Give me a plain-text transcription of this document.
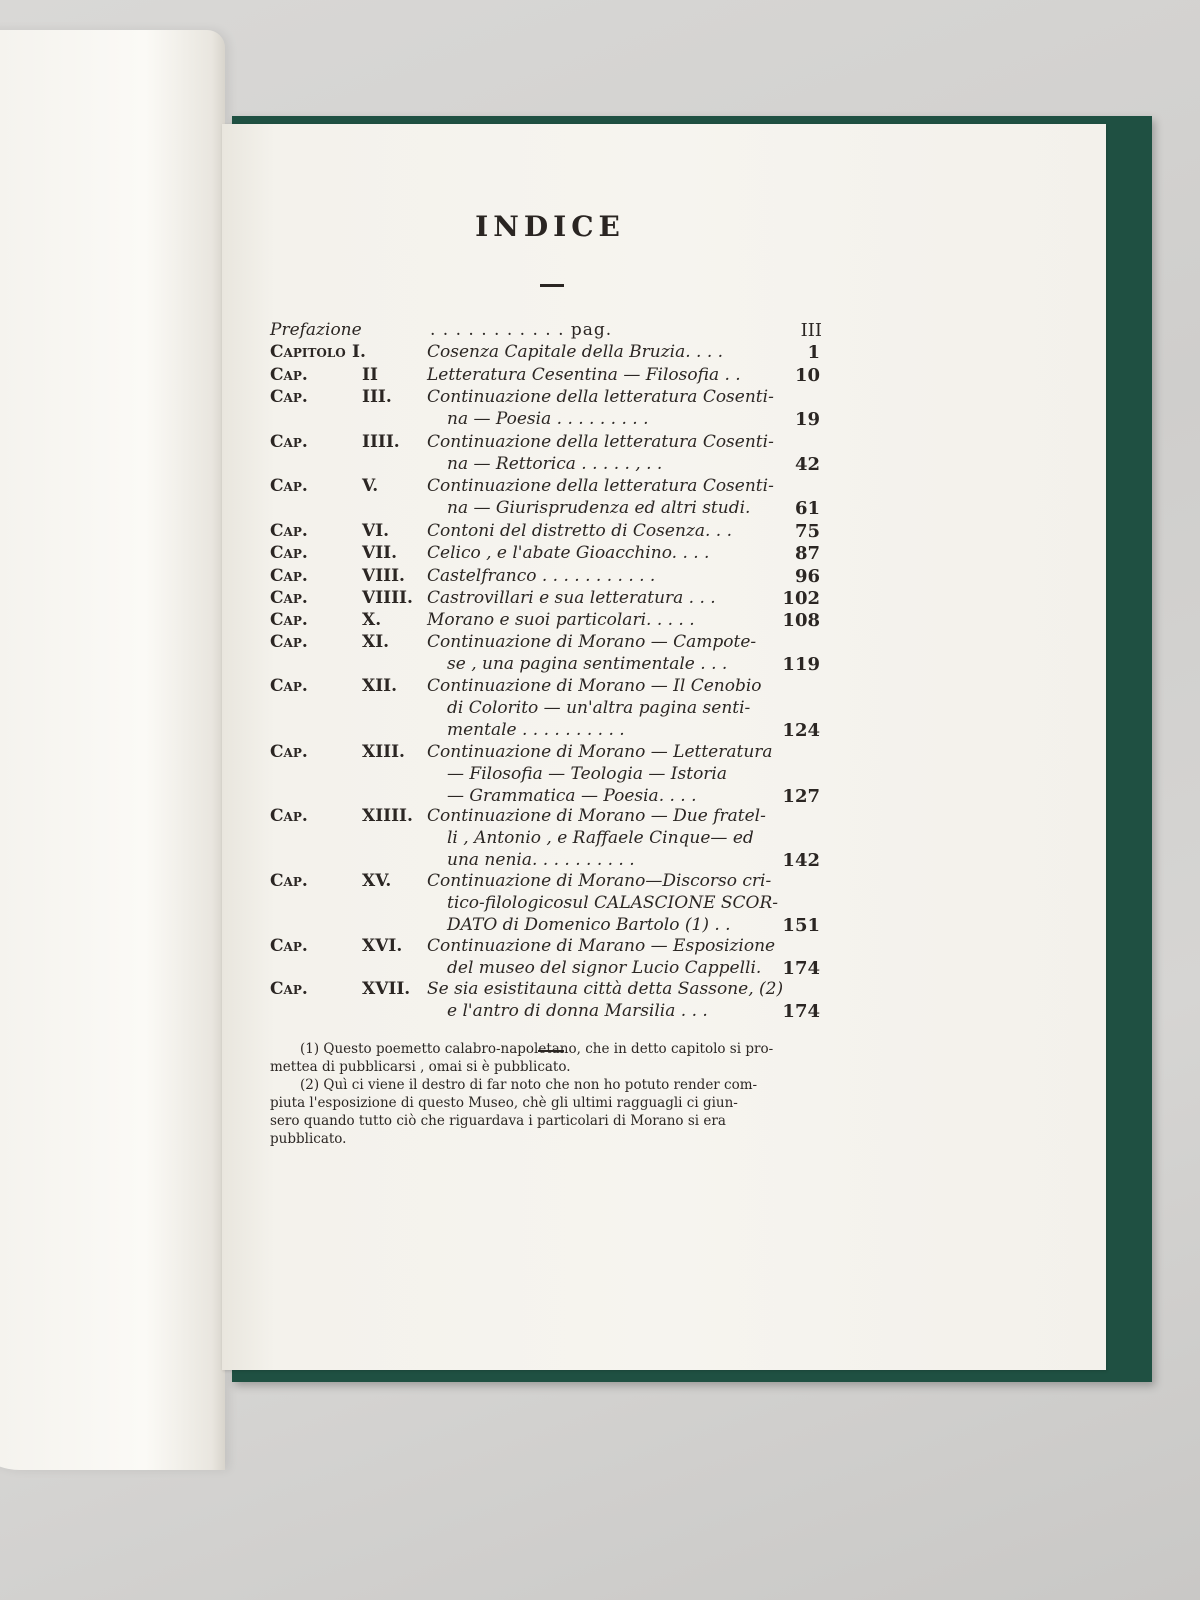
INDICE
Prefazione	. . . . . . . . . . . pag.	III
Capitolo I.	Cosenza Capitale della Bruzia. . . .	1
Cap.	II	Letteratura Cesentina — Filosofia . .	10
Cap.	III. Continuazione della letteratura Cosenti-
na — Poesia . . . . . . . . .	19
Cap.	IIII. Continuazione della letteratura Cosenti-
na — Rettorica . . . . . , . .	42
Cap.	V.	Continuazione della letteratura Cosenti-
na — Giurisprudenza ed altri studi.	61
Cap.	VI. Contoni del distretto di Cosenza. . .	75
Cap.	VII. Celico , e l'abate Gioacchino. . . .	87
Cap.	VIII. Castelfranco . . . . . . . . . . .	96
Cap.	VIIII. Castrovillari e sua letteratura . . .	102
Cap.	X.	Morano e suoi particolari. . . . .	108
Cap.	XI. Continuazione di Morano — Campote-
se , una pagina sentimentale . . .	119
Cap.	XII. Continuazione di Morano — Il Cenobio
di Colorito — un'altra pagina senti-
mentale . . . . . . . . . .	124
Cap.	XIII. Continuazione di Morano — Letteratura
— Filosofia — Teologia — Istoria
— Grammatica — Poesia. . . .	127
Cap.	XIIII. Continuazione di Morano — Due fratel-
li , Antonio , e Raffaele Cinque— ed
una nenia. . . . . . . . . .	142
Cap.	XV. Continuazione di Morano—Discorso cri-
tico-filologicosul CALASCIONE SCOR-
DATO di Domenico Bartolo (1) . .	151
Cap.	XVI. Continuazione di Marano — Esposizione
del museo del signor Lucio Cappelli.	174
Cap.	XVII. Se sia esistitauna città detta Sassone, (2)
e l'antro di donna Marsilia . . .	174
(1) Questo poemetto calabro-napoletano, che in detto capitolo si pro-
mettea di pubblicarsi , omai si è pubblicato.
(2) Quì ci viene il destro di far noto che non ho potuto render com-
piuta l'esposizione di questo Museo, chè gli ultimi ragguagli ci giun-
sero quando tutto ciò che riguardava i particolari di Morano si era
pubblicato.
